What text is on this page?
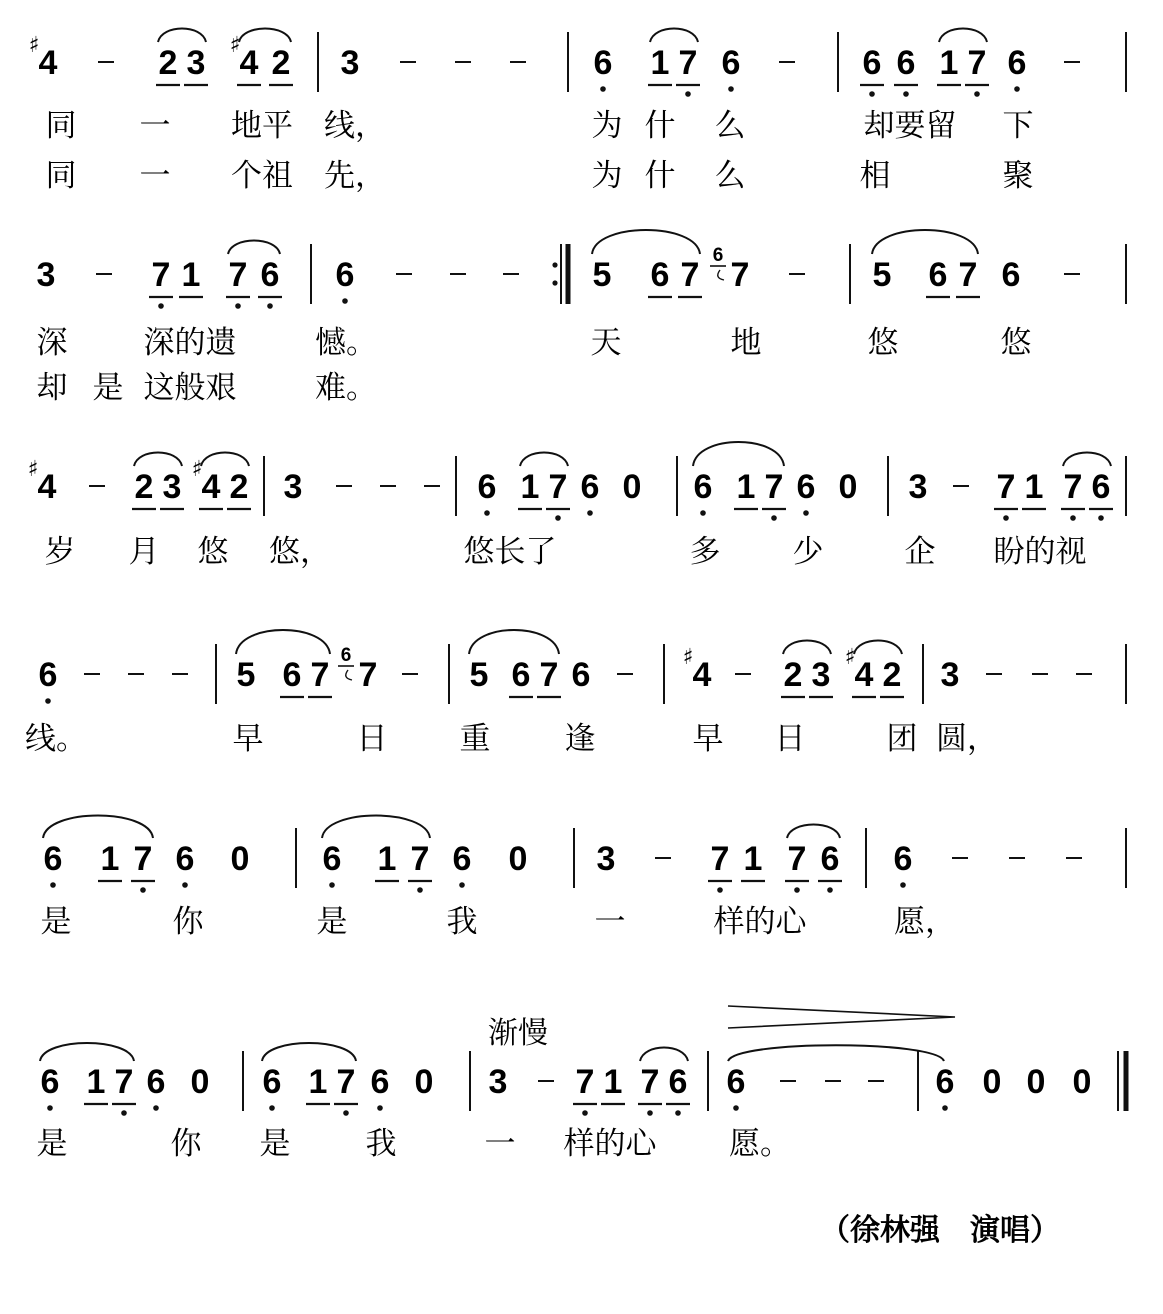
4	2 3 4 2 3	6 1 7 6	6 6 1 7 6
♯	♯
同 一 地平 线，	为 什 么	却要留 下
同 一 个祖 先，	为 什 么	相	聚
3	7 1 7 6 6	5 6 7 7
6
5 6 7 6
深 深的遗	憾。	天	地	悠	悠
却 是 这般艰	难。
4 2 3 4 2 3	6 1 7 6 0 6 1 7 6 0 3 7 1 7 6
♯	♯
岁 月 悠 悠，	悠长了	多 少	企 盼的视
6	5 6 7 7
6
5 6 7 6	4 2 3 4 2 3
♯	♯
线。	早	日 重 逢	早 日	团 圆，
6 1 7 6 0 6 1 7 6 0 3	7 1 7 6 6
是	你	是	我	一	样的心	愿，
6 1 7 6 0 6 1 7 6 0 3 7 1 7 6 6	6 0 0 0
是	你 是 我	一 样的心 愿。
渐慢
（徐林强　演唱）
